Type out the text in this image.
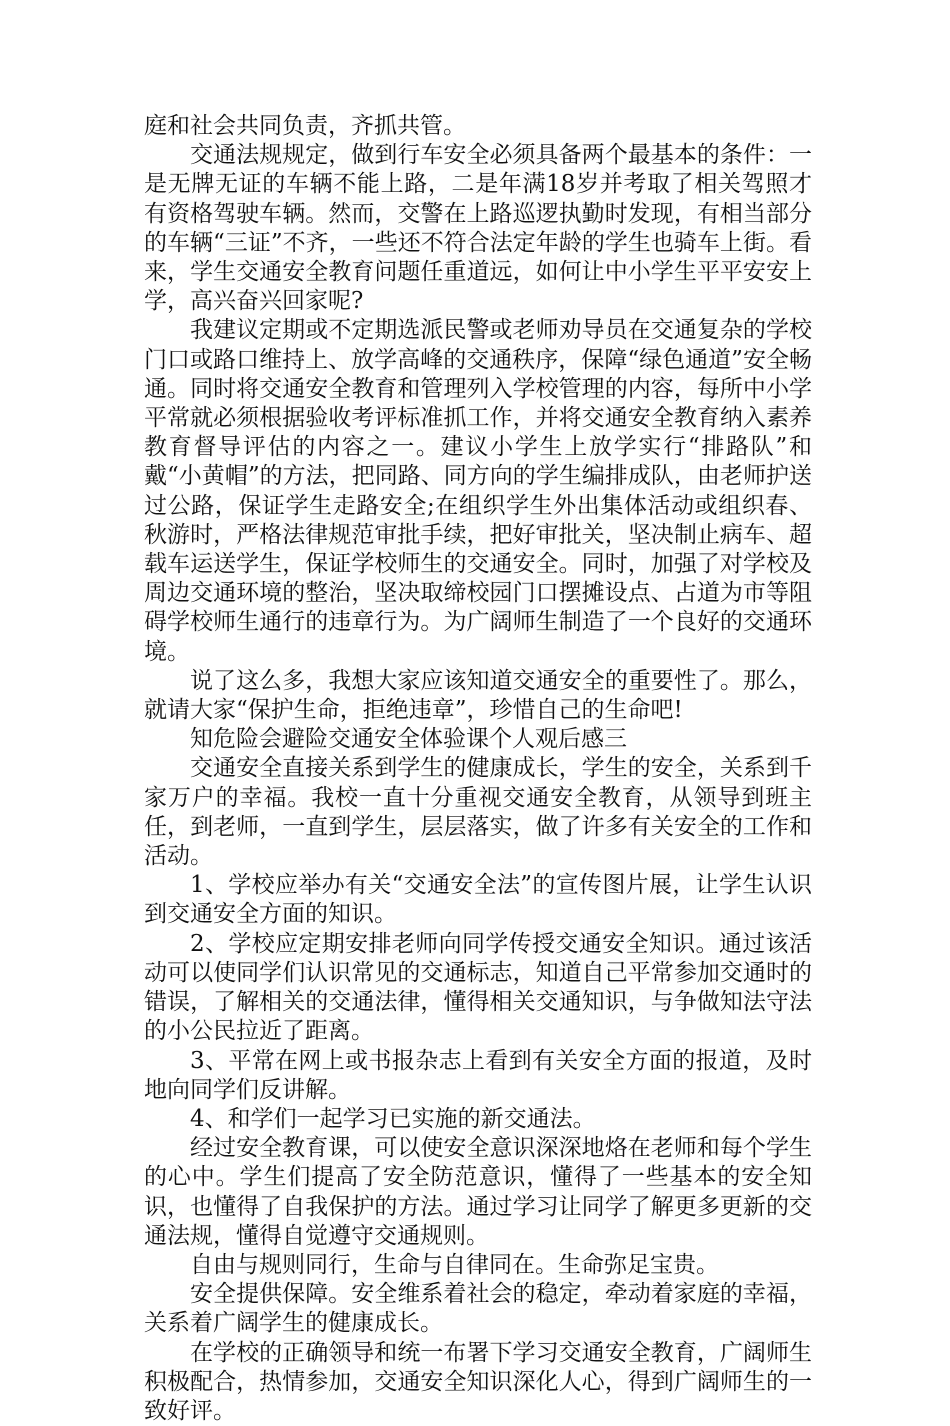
庭和社会共同负责，齐抓共管。

交通法规规定，做到行车安全必须具备两个最基本的条件：一是无牌无证的车辆不能上路，二是年满18岁并考取了相关驾照才有资格驾驶车辆。然而，交警在上路巡逻执勤时发现，有相当部分的车辆“三证”不齐，一些还不符合法定年龄的学生也骑车上街。看来，学生交通安全教育问题任重道远，如何让中小学生平平安安上学，高兴奋兴回家呢?

我建议定期或不定期选派民警或老师劝导员在交通复杂的学校门口或路口维持上、放学高峰的交通秩序，保障“绿色通道”安全畅通。同时将交通安全教育和管理列入学校管理的内容，每所中小学平常就必须根据验收考评标准抓工作，并将交通安全教育纳入素养教育督导评估的内容之一。建议小学生上放学实行“排路队”和戴“小黄帽”的方法，把同路、同方向的学生编排成队，由老师护送过公路，保证学生走路安全;在组织学生外出集体活动或组织春、秋游时，严格法律规范审批手续，把好审批关，坚决制止病车、超载车运送学生，保证学校师生的交通安全。同时，加强了对学校及周边交通环境的整治，坚决取缔校园门口摆摊设点、占道为市等阻碍学校师生通行的违章行为。为广阔师生制造了一个良好的交通环境。

说了这么多，我想大家应该知道交通安全的重要性了。那么，就请大家“保护生命，拒绝违章”，珍惜自己的生命吧!

知危险会避险交通安全体验课个人观后感三

交通安全直接关系到学生的健康成长，学生的安全，关系到千家万户的幸福。我校一直十分重视交通安全教育，从领导到班主任，到老师，一直到学生，层层落实，做了许多有关安全的工作和活动。

1、学校应举办有关“交通安全法”的宣传图片展，让学生认识到交通安全方面的知识。

2、学校应定期安排老师向同学传授交通安全知识。通过该活动可以使同学们认识常见的交通标志，知道自己平常参加交通时的错误，了解相关的交通法律，懂得相关交通知识，与争做知法守法的小公民拉近了距离。

3、平常在网上或书报杂志上看到有关安全方面的报道，及时地向同学们反讲解。

4、和学们一起学习已实施的新交通法。

经过安全教育课，可以使安全意识深深地烙在老师和每个学生的心中。学生们提高了安全防范意识，懂得了一些基本的安全知识，也懂得了自我保护的方法。通过学习让同学了解更多更新的交通法规，懂得自觉遵守交通规则。

自由与规则同行，生命与自律同在。生命弥足宝贵。

安全提供保障。安全维系着社会的稳定，牵动着家庭的幸福，关系着广阔学生的健康成长。

在学校的正确领导和统一布署下学习交通安全教育，广阔师生积极配合，热情参加，交通安全知识深化人心，得到广阔师生的一致好评。
